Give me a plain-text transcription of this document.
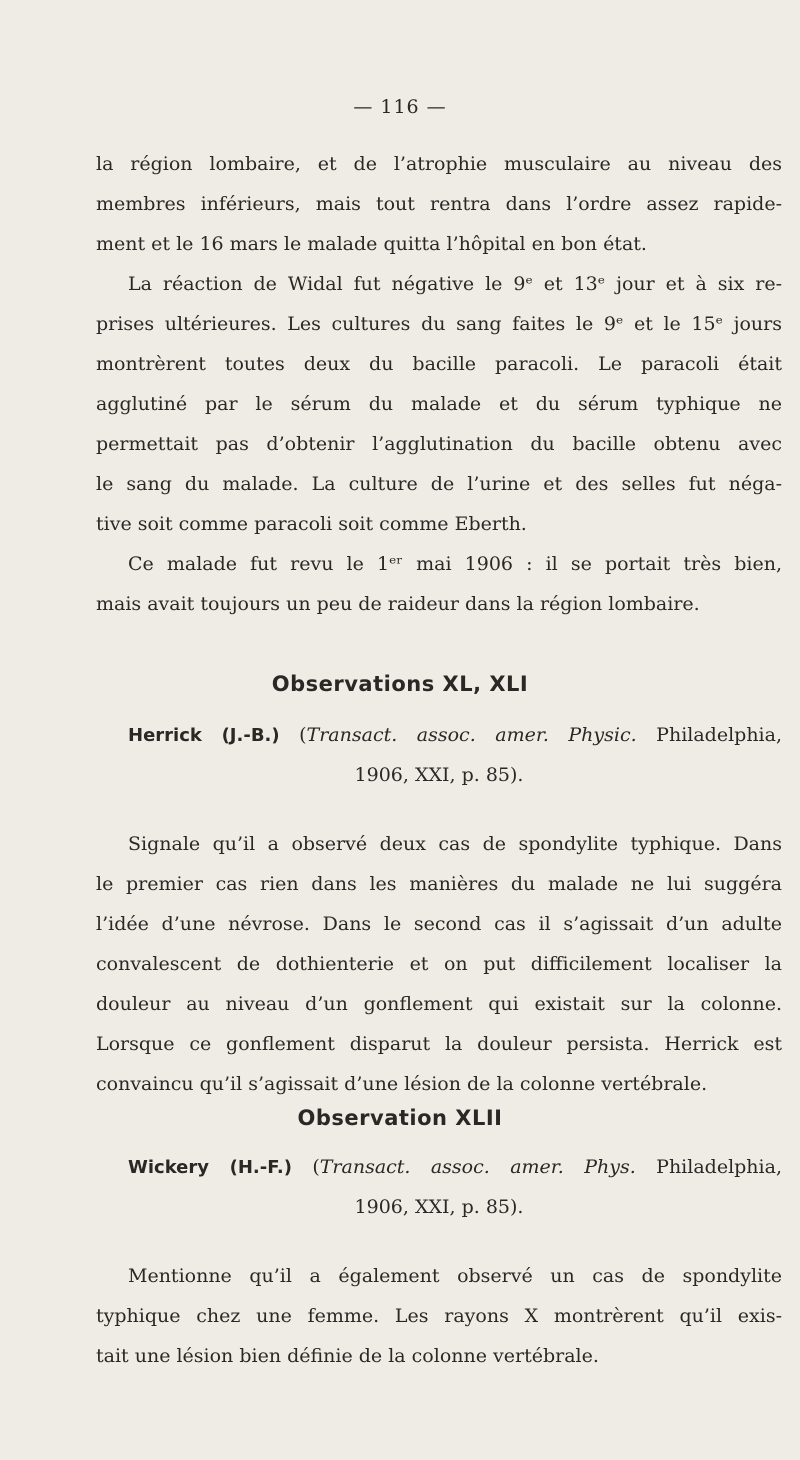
— 116 —
la région lombaire, et de l’atrophie musculaire au niveau des
membres inférieurs, mais tout rentra dans l’ordre assez rapide-
ment et le 16 mars le malade quitta l’hôpital en bon état.
La réaction de Widal fut négative le 9ᵉ et 13ᵉ jour et à six re-
prises ultérieures. Les cultures du sang faites le 9ᵉ et le 15ᵉ jours
montrèrent toutes deux du bacille paracoli. Le paracoli était
agglutiné par le sérum du malade et du sérum typhique ne
permettait pas d’obtenir l’agglutination du bacille obtenu avec
le sang du malade. La culture de l’urine et des selles fut néga-
tive soit comme paracoli soit comme Eberth.
Ce malade fut revu le 1ᵉʳ mai 1906 : il se portait très bien,
mais avait toujours un peu de raideur dans la région lombaire.
Observations XL, XLI
Herrick (J.-B.) (Transact. assoc. amer. Physic. Philadelphia,
1906, XXI, p. 85).
Signale qu’il a observé deux cas de spondylite typhique. Dans
le premier cas rien dans les manières du malade ne lui suggéra
l’idée d’une névrose. Dans le second cas il s’agissait d’un adulte
convalescent de dothienterie et on put difficilement localiser la
douleur au niveau d’un gonflement qui existait sur la colonne.
Lorsque ce gonflement disparut la douleur persista. Herrick est
convaincu qu’il s’agissait d’une lésion de la colonne vertébrale.
Observation XLII
Wickery (H.-F.) (Transact. assoc. amer. Phys. Philadelphia,
1906, XXI, p. 85).
Mentionne qu’il a également observé un cas de spondylite
typhique chez une femme. Les rayons X montrèrent qu’il exis-
tait une lésion bien définie de la colonne vertébrale.
